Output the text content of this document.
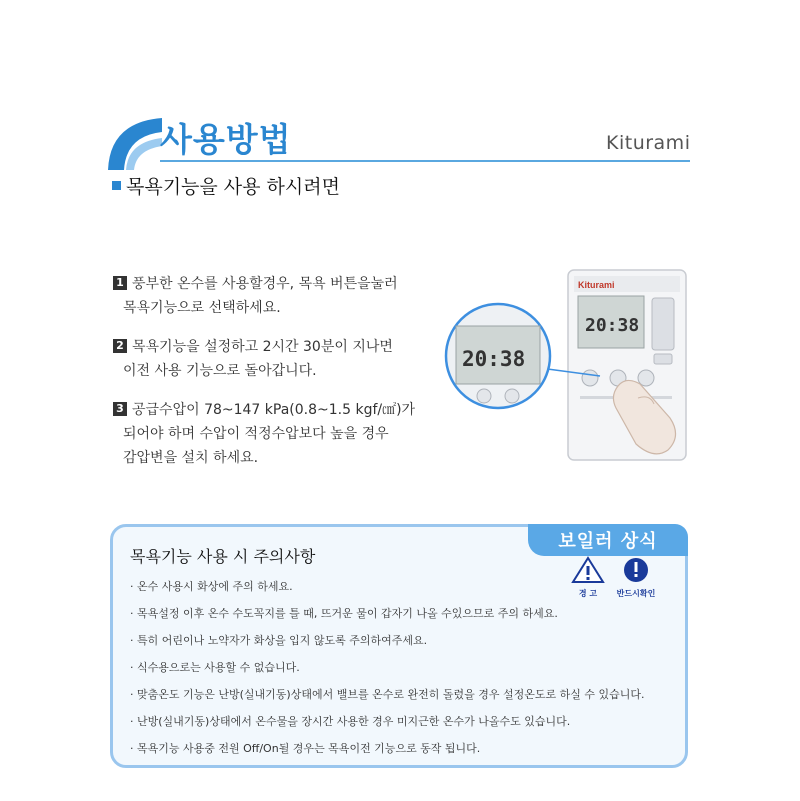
사용방법	Kiturami
목욕기능을 사용 하시려면
1 풍부한 온수를 사용할경우, 목욕 버튼을눌러
목욕기능으로 선택하세요.
2 목욕기능을 설정하고 2시간 30분이 지나면
이전 사용 기능으로 돌아갑니다.
3 공급수압이 78~147 kPa(0.8~1.5 kgf/㎠)가
되어야 하며 수압이 적정수압보다 높을 경우
감압변을 설치 하세요.
Kiturami
20:38
20:38
보일러 상식
목욕기능 사용 시 주의사항
경 고	반드시확인
· 온수 사용시 화상에 주의 하세요.
· 목욕설정 이후 온수 수도꼭지를 틀 때, 뜨거운 물이 갑자기 나올 수있으므로 주의 하세요.
· 특히 어린이나 노약자가 화상을 입지 않도록 주의하여주세요.
· 식수용으로는 사용할 수 없습니다.
· 맞춤온도 기능은 난방(실내기동)상태에서 밸브를 온수로 완전히 돌렸을 경우 설정온도로 하실 수 있습니다.
· 난방(실내기동)상태에서 온수물을 장시간 사용한 경우 미지근한 온수가 나올수도 있습니다.
· 목욕기능 사용중 전원 Off/On될 경우는 목욕이전 기능으로 동작 됩니다.
